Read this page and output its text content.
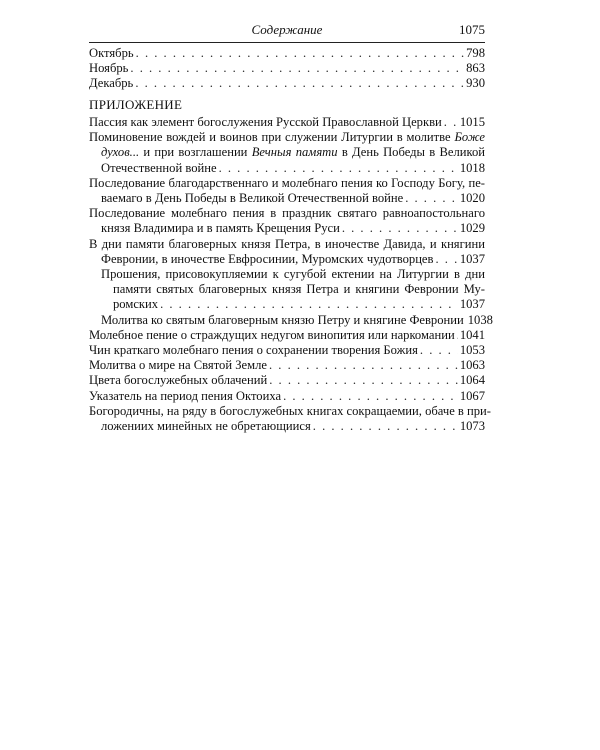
Содержание	1075
Октябрь . . .	798
Ноябрь . . .	863
Декабрь . . .	930
ПРИЛОЖЕНИЕ
Пассия как элемент богослужения Русской Православной Церкви . . . 1015
Поминовение вождей и воинов при служении Литургии в молитве Боже
духов... и при возглашении Вечныя памяти в День Победы в Великой
Отечественной войне . . .	1018
Последование благодарственнаго и молебнаго пения ко Господу Богу, пе-
ваемаго в День Победы в Великой Отечественной войне . . .	1020
Последование молебнаго пения в праздник святаго равноапостольнаго
князя Владимира и в память Крещения Руси . . .	1029
В дни памяти благоверных князя Петра, в иночестве Давида, и княгини
Февронии, в иночестве Евфросинии, Муромских чудотворцев . . . 1037
Прошения, присовокупляемии к сугубой ектении на Литургии в дни
памяти святых благоверных князя Петра и княгини Февронии Му-
ромских . . .	1037
Молитва ко святым благоверным князю Петру и княгине Февронии 1038
Молебное пение о страждущих недугом винопития или наркомании . . . 1041
Чин краткаго молебнаго пения о сохранении творения Божия . . .	1053
Молитва о мире на Святой Земле . . .	1063
Цвета богослужебных облачений . . .	1064
Указатель на период пения Октоиха . . .	1067
Богородичны, на ряду в богослужебных книгах сокращаемии, обаче в при-
ложениих минейных не обретающиися . . .	1073
